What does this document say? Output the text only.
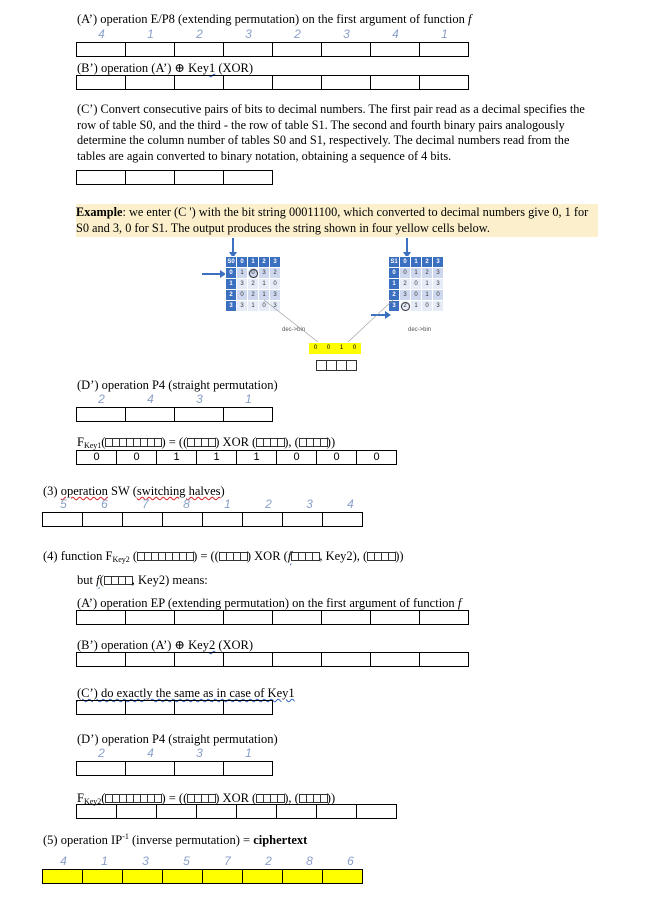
(A’) operation E/P8 (extending permutation) on the first argument of function f
4	1	2	3	2	3	4	1
(B’) operation (A’) ⊕ Key1 (XOR)
(C’) Convert consecutive pairs of bits to decimal numbers. The first pair read as a decimal specifies the row of table S0, and the third - the row of table S1. The second and fourth binary pairs analogously determine the column number of tables S0 and S1, respectively. The decimal numbers read from the tables are again converted to binary notation, obtaining a sequence of 4 bits.
Example: we enter (C ') with the bit string 00011100, which converted to decimal numbers give 0, 1 for S0 and 3, 0 for S1. The output produces the string shown in four yellow cells below.
S0	0	1	2	3
0	1	0	3	2
1	3	2	1	0
2	0	2	1	3
3	3	1	0	3
dec->bin
S1	0	1	2	3
0	0	1	2	3
1	2	0	1	3
2	3	0	1	0
3	2	1	0	3
dec->bin
0	0	1	0
(D’) operation P4 (straight permutation)
2	4	3	1
$F_{Key1}$(	) = (( ) XOR ( ), ( ))
0	0	1	1	1	0	0	0
(3) operation SW (switching halves)
5	6	7	8	1	2	3	4
(4) function $F_{Key2}$ (	) = (( ) XOR (f , Key2), ( ))
but f( , Key2) means:
(A’) operation EP (extending permutation) on the first argument of function f
(B’) operation (A’) ⊕ Key2 (XOR)
(C’) do exactly the same as in case of Key1
(D’) operation P4 (straight permutation)
2	4	3	1
$F_{Key2}$(	) = (( ) XOR ( ), ( ))
(5) operation $IP^{-1}$ (inverse permutation) = ciphertext
4	1	3	5	7	2	8	6
